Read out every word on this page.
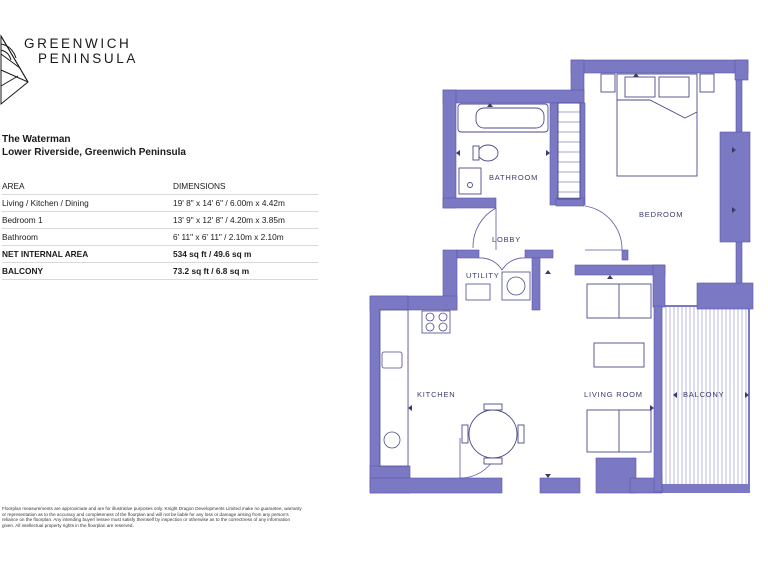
GREENWICH
PENINSULA
The Waterman
Lower Riverside, Greenwich Peninsula
AREA	DIMENSIONS
Living / Kitchen / Dining	19' 8" x 14' 6" / 6.00m x 4.42m
Bedroom 1	13' 9" x 12' 8" / 4.20m x 3.85m
Bathroom	6' 11" x 6' 11" / 2.10m x 2.10m
NET INTERNAL AREA	534 sq ft / 49.6 sq m
BALCONY	73.2 sq ft / 6.8 sq m
Floorplan measurements are approximate and are for illustrative purposes only. Knight Dragon Developments Limited make no guarantee, warranty or representation as to the accuracy and completeness of the floorplan and will not be liable for any loss or damage arising from any person's reliance on the floorplan. Any intending buyer/ lessee must satisfy themself by inspection or otherwise as to the correctness of any information given. All intellectual property rights in the floorplan are reserved.
BATHROOM
BEDROOM
LOBBY
UTILITY
KITCHEN	LIVING ROOM	BALCONY
